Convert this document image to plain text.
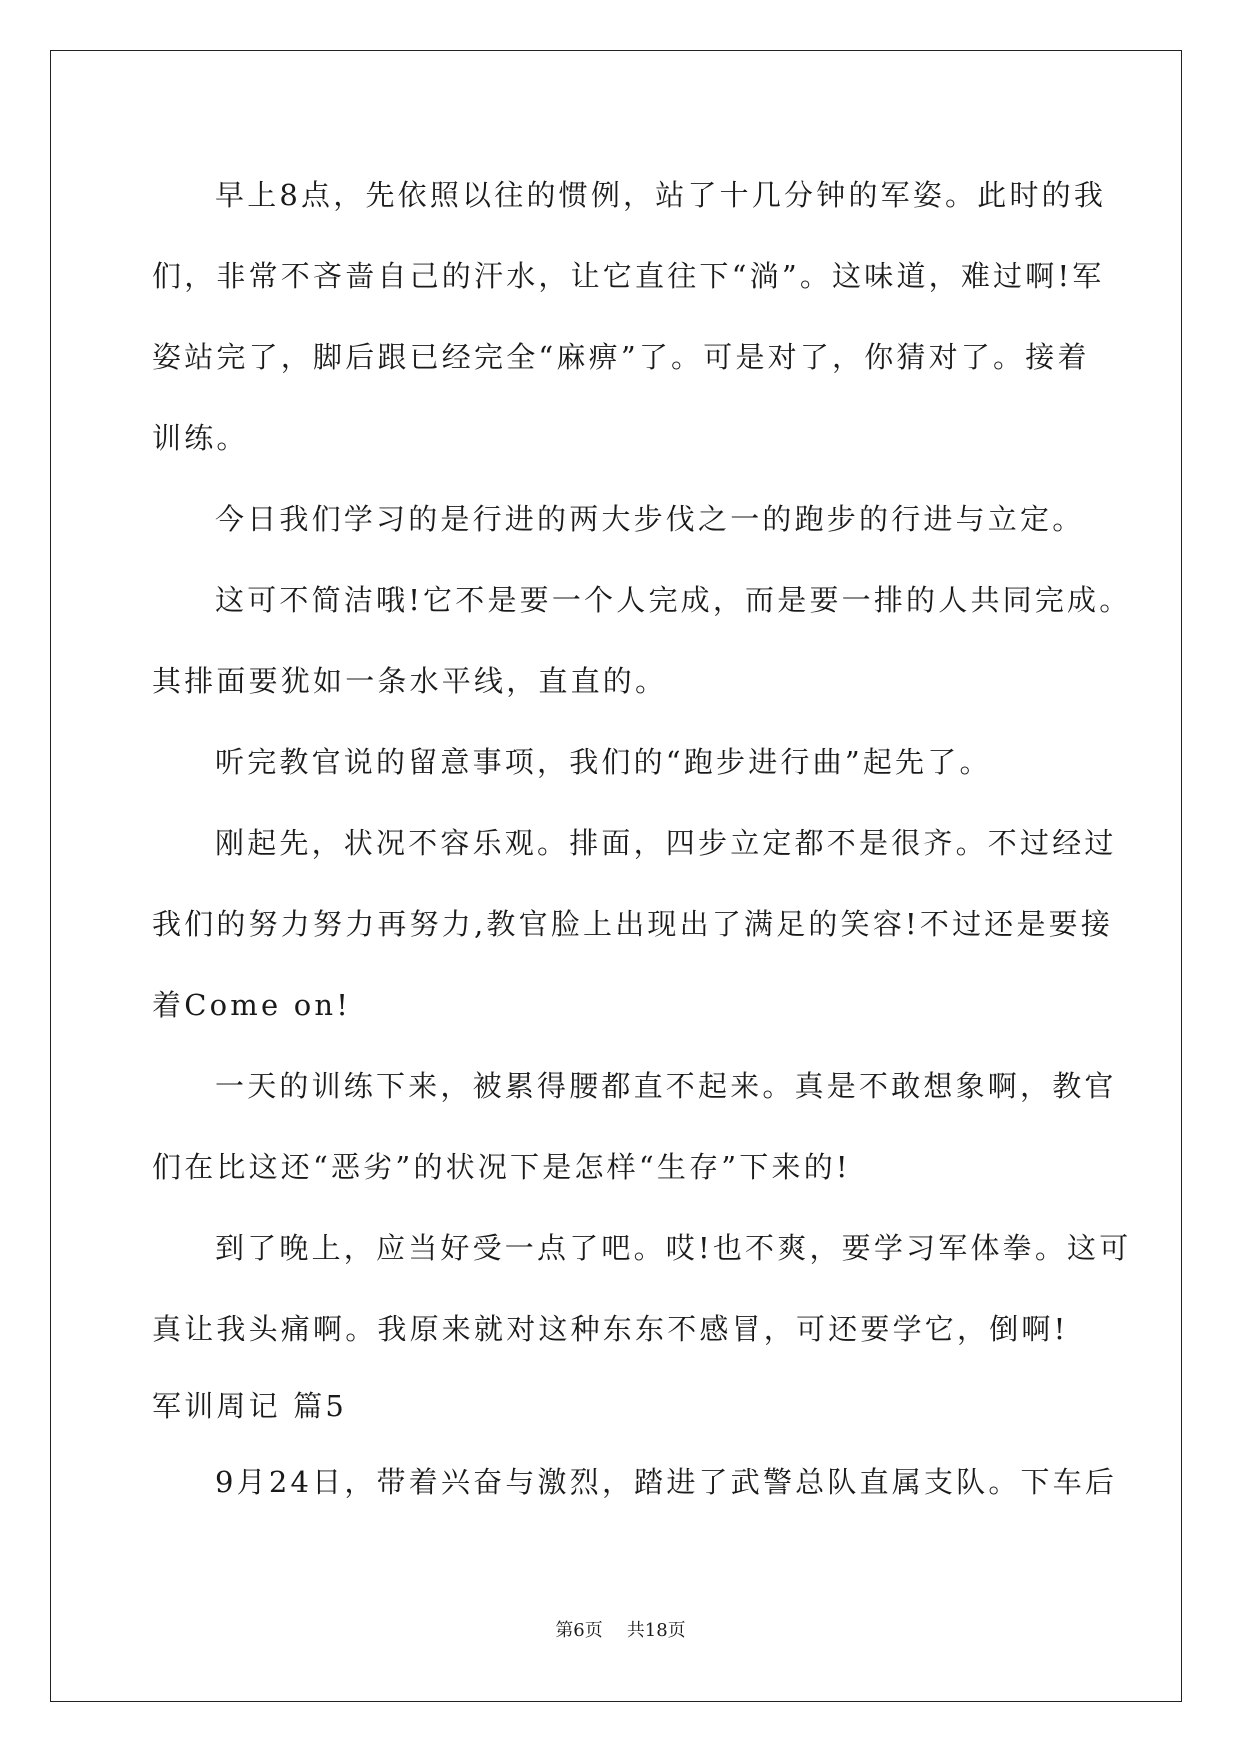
早上8点，先依照以往的惯例，站了十几分钟的军姿。此时的我
们，非常不吝啬自己的汗水，让它直往下“淌”。这味道，难过啊!军
姿站完了，脚后跟已经完全“麻痹”了。可是对了，你猜对了。接着
训练。
今日我们学习的是行进的两大步伐之一的跑步的行进与立定。
这可不简洁哦!它不是要一个人完成，而是要一排的人共同完成。
其排面要犹如一条水平线，直直的。
听完教官说的留意事项，我们的“跑步进行曲”起先了。
刚起先，状况不容乐观。排面，四步立定都不是很齐。不过经过
我们的努力努力再努力,教官脸上出现出了满足的笑容!不过还是要接
着Come on!
一天的训练下来，被累得腰都直不起来。真是不敢想象啊，教官
们在比这还“恶劣”的状况下是怎样“生存”下来的!
到了晚上，应当好受一点了吧。哎!也不爽，要学习军体拳。这可
真让我头痛啊。我原来就对这种东东不感冒，可还要学它，倒啊!
军训周记 篇5
9月24日，带着兴奋与激烈，踏进了武警总队直属支队。下车后
第6页 共18页
